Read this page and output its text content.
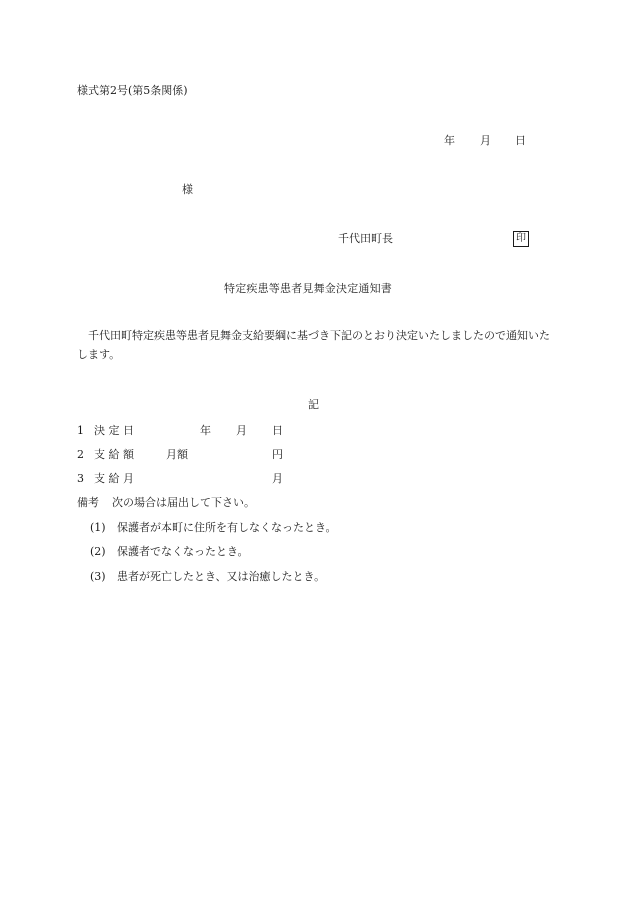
様式第2号(第5条関係)
年 月 日
様
千代田町長	印
特定疾患等患者見舞金決定通知書
千代田町特定疾患等患者見舞金支給要綱に基づき下記のとおり決定いたしましたので通知いたします。
記
1 決 定 日	年 月 日
2 支 給 額	月額	円
3 支 給 月	月
備考 次の場合は届出して下さい。
(1) 保護者が本町に住所を有しなくなったとき。
(2) 保護者でなくなったとき。
(3) 患者が死亡したとき、又は治癒したとき。
